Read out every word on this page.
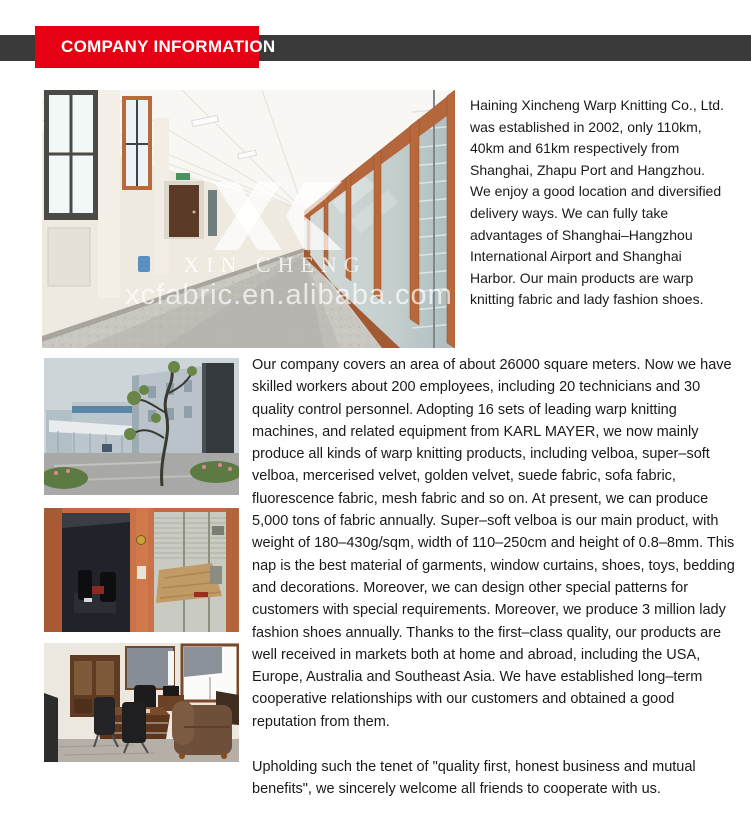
COMPANY INFORMATION
XIN CHENG
xcfabric.en.alibaba.com

Haining Xincheng Warp Knitting Co., Ltd. was established in 2002, only 110km, 40km and 61km respectively from Shanghai, Zhapu Port and Hangzhou. We enjoy a good location and diversified delivery ways. We can fully take advantages of Shanghai–Hangzhou International Airport and Shanghai Harbor. Our main products are warp knitting fabric and lady fashion shoes.

Our company covers an area of about 26000 square meters. Now we have skilled workers about 200 employees, including 20 technicians and 30 quality control personnel. Adopting 16 sets of leading warp knitting machines, and related equipment from KARL MAYER, we now mainly produce all kinds of warp knitting products, including velboa, super–soft velboa, mercerised velvet, golden velvet, suede fabric, sofa fabric, fluorescence fabric, mesh fabric and so on. At present, we can produce 5,000 tons of fabric annually. Super–soft velboa is our main product, with weight of 180–430g/sqm, width of 110–250cm and height of 0.8–8mm. This nap is the best material of garments, window curtains, shoes, toys, bedding and decorations. Moreover, we can design other special patterns for customers with special requirements. Moreover, we produce 3 million lady fashion shoes annually. Thanks to the first–class quality, our products are well received in markets both at home and abroad, including the USA, Europe, Australia and Southeast Asia. We have established long–term cooperative relationships with our customers and obtained a good reputation from them.

Upholding such the tenet of "quality first, honest business and mutual benefits", we sincerely welcome all friends to cooperate with us.
